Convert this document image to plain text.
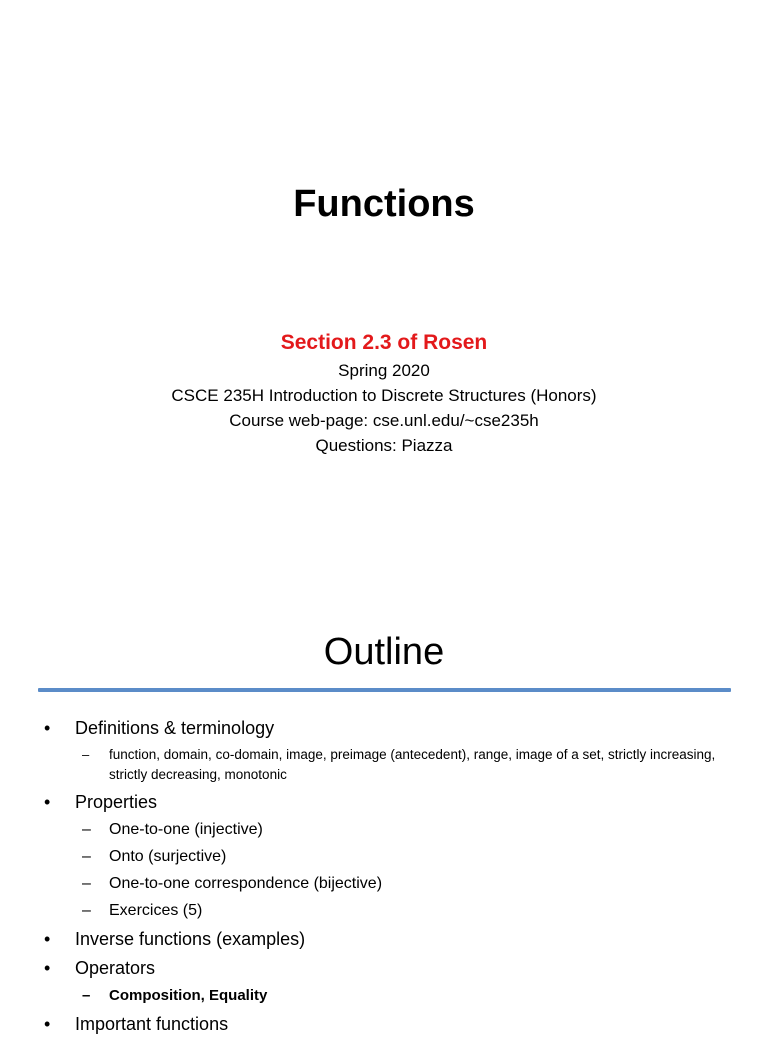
Functions
Section 2.3 of Rosen
Spring 2020
CSCE 235H Introduction to Discrete Structures (Honors)
Course web-page: cse.unl.edu/~cse235h
Questions: Piazza
Outline
• Definitions & terminology
– function, domain, co-domain, image, preimage (antecedent), range, image of a set, strictly increasing, strictly decreasing, monotonic
• Properties
– One-to-one (injective)
– Onto (surjective)
– One-to-one correspondence (bijective)
– Exercices (5)
• Inverse functions (examples)
• Operators
– Composition, Equality
• Important functions
